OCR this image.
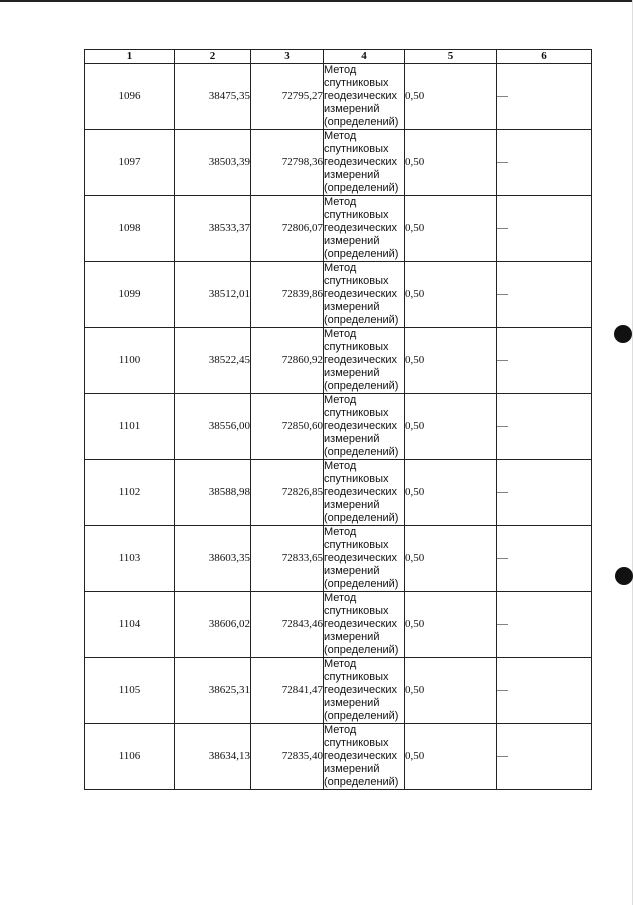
1	2	3	4	5	6
1096	38475,35	72795,27	Метод спутниковых геодезических измерений (определений)	0,50	—
1097	38503,39	72798,36	Метод спутниковых геодезических измерений (определений)	0,50	—
1098	38533,37	72806,07	Метод спутниковых геодезических измерений (определений)	0,50	—
1099	38512,01	72839,86	Метод спутниковых геодезических измерений (определений)	0,50	—
1100	38522,45	72860,92	Метод спутниковых геодезических измерений (определений)	0,50	—
1101	38556,00	72850,60	Метод спутниковых геодезических измерений (определений)	0,50	—
1102	38588,98	72826,85	Метод спутниковых геодезических измерений (определений)	0,50	—
1103	38603,35	72833,65	Метод спутниковых геодезических измерений (определений)	0,50	—
1104	38606,02	72843,46	Метод спутниковых геодезических измерений (определений)	0,50	—
1105	38625,31	72841,47	Метод спутниковых геодезических измерений (определений)	0,50	—
1106	38634,13	72835,40	Метод спутниковых геодезических измерений (определений)	0,50	—
